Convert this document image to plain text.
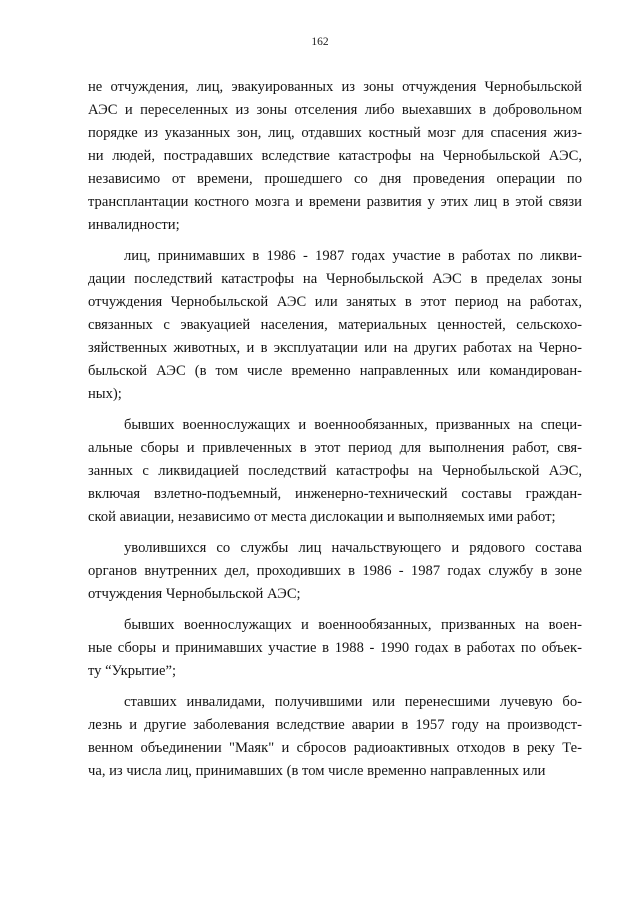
162
не отчуждения, лиц, эвакуированных из зоны отчуждения Чернобыльской
АЭС и переселенных из зоны отселения либо выехавших в добровольном
порядке из указанных зон, лиц, отдавших костный мозг для спасения жиз-
ни людей, пострадавших вследствие катастрофы на Чернобыльской АЭС,
независимо от времени, прошедшего со дня проведения операции по
трансплантации костного мозга и времени развития у этих лиц в этой связи
инвалидности;
лиц, принимавших в 1986 - 1987 годах участие в работах по ликви-
дации последствий катастрофы на Чернобыльской АЭС в пределах зоны
отчуждения Чернобыльской АЭС или занятых в этот период на работах,
связанных с эвакуацией населения, материальных ценностей, сельскохо-
зяйственных животных, и в эксплуатации или на других работах на Черно-
быльской АЭС (в том числе временно направленных или командирован-
ных);
бывших военнослужащих и военнообязанных, призванных на специ-
альные сборы и привлеченных в этот период для выполнения работ, свя-
занных с ликвидацией последствий катастрофы на Чернобыльской АЭС,
включая взлетно-подъемный, инженерно-технический составы граждан-
ской авиации, независимо от места дислокации и выполняемых ими работ;
уволившихся со службы лиц начальствующего и рядового состава
органов внутренних дел, проходивших в 1986 - 1987 годах службу в зоне
отчуждения Чернобыльской АЭС;
бывших военнослужащих и военнообязанных, призванных на воен-
ные сборы и принимавших участие в 1988 - 1990 годах в работах по объек-
ту “Укрытие”;
ставших инвалидами, получившими или перенесшими лучевую бо-
лезнь и другие заболевания вследствие аварии в 1957 году на производст-
венном объединении "Маяк" и сбросов радиоактивных отходов в реку Те-
ча, из числа лиц, принимавших (в том числе временно направленных или
